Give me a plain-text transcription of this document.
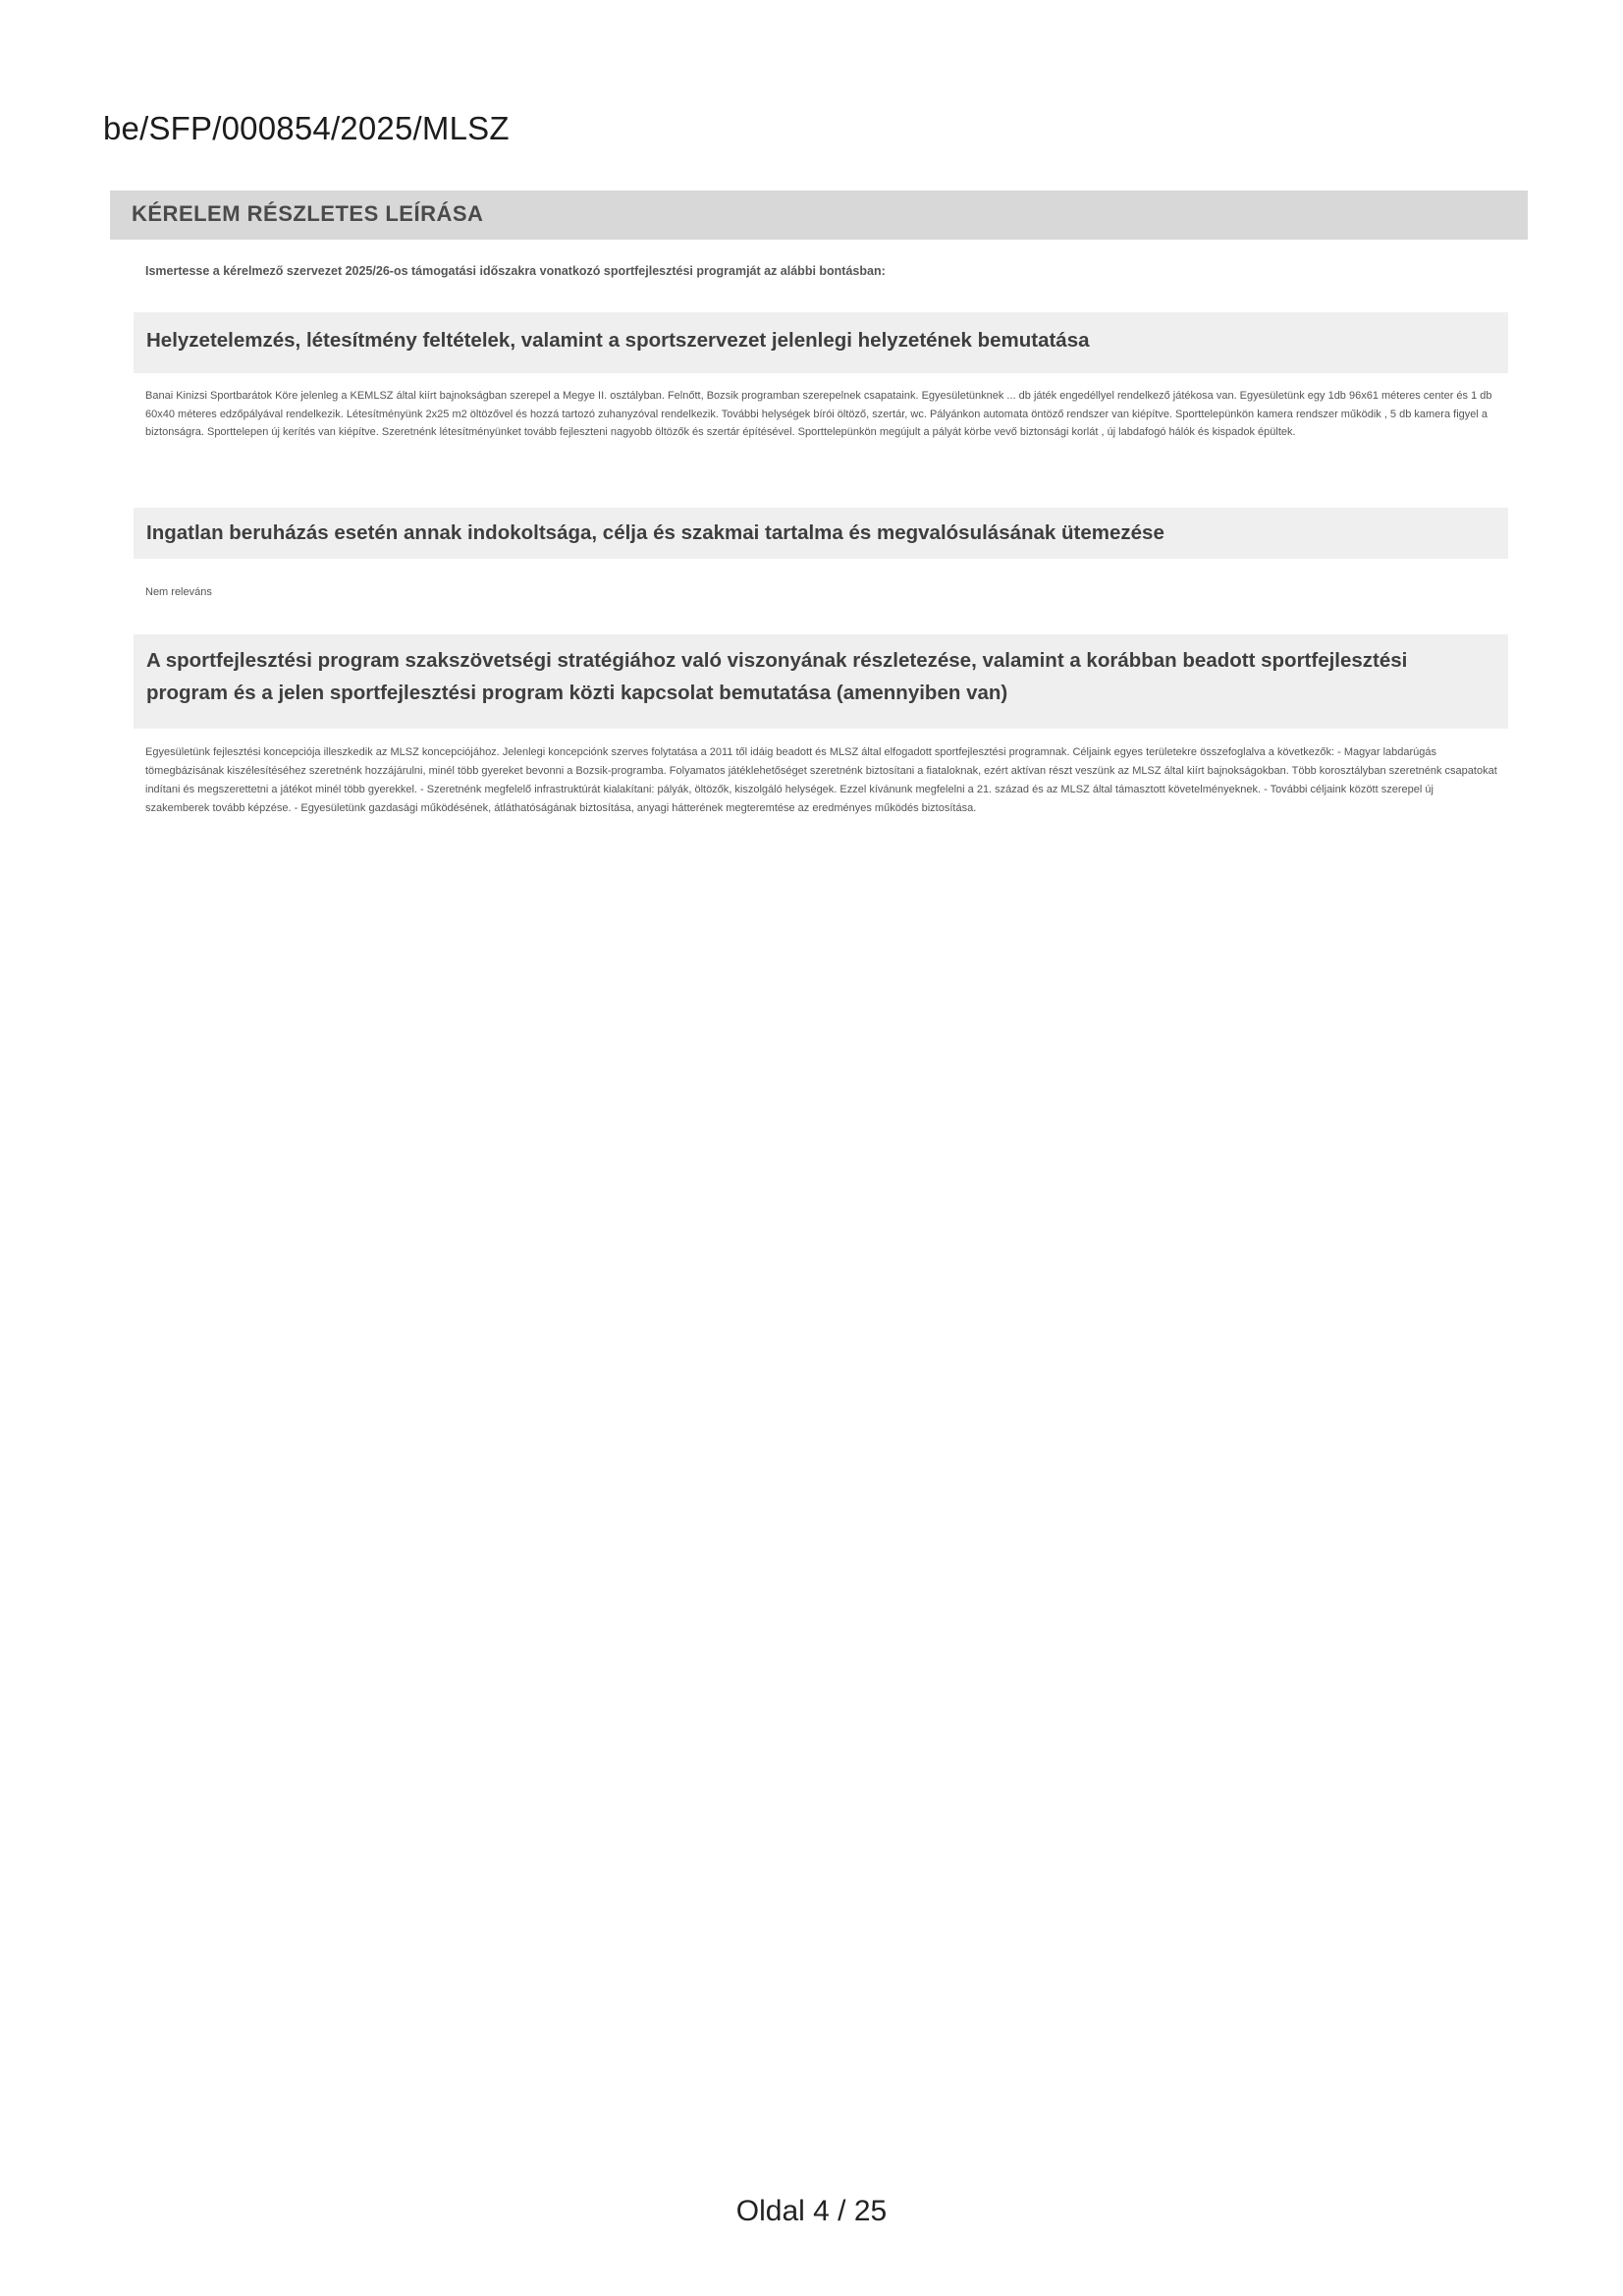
be/SFP/000854/2025/MLSZ
KÉRELEM RÉSZLETES LEÍRÁSA
Ismertesse a kérelmező szervezet 2025/26-os támogatási időszakra vonatkozó sportfejlesztési programját az alábbi bontásban:
Helyzetelemzés, létesítmény feltételek, valamint a sportszervezet jelenlegi helyzetének bemutatása
Banai Kinizsi Sportbarátok Köre jelenleg a KEMLSZ által kiírt bajnokságban szerepel a Megye II. osztályban. Felnőtt, Bozsik programban szerepelnek csapataink. Egyesületünknek ... db játék engedéllyel rendelkező játékosa van. Egyesületünk egy 1db 96x61 méteres center és 1 db 60x40 méteres edzőpályával rendelkezik. Létesítményünk 2x25 m2 öltözővel és hozzá tartozó zuhanyzóval rendelkezik. További helységek bírói öltöző, szertár, wc. Pályánkon automata öntöző rendszer van kiépítve. Sporttelepünkön kamera rendszer működik , 5 db kamera figyel a biztonságra. Sporttelepen új kerítés van kiépítve. Szeretnénk létesítményünket tovább fejleszteni nagyobb öltözők és szertár építésével. Sporttelepünkön megújult a pályát körbe vevő biztonsági korlát , új labdafogó hálók és kispadok épültek.
Ingatlan beruházás esetén annak indokoltsága, célja és szakmai tartalma és megvalósulásának ütemezése
Nem releváns
A sportfejlesztési program szakszövetségi stratégiához való viszonyának részletezése, valamint a korábban beadott sportfejlesztési program és a jelen sportfejlesztési program közti kapcsolat bemutatása (amennyiben van)
Egyesületünk fejlesztési koncepciója illeszkedik az MLSZ koncepciójához. Jelenlegi koncepciónk szerves folytatása a 2011 től idáig beadott és MLSZ által elfogadott sportfejlesztési programnak. Céljaink egyes területekre összefoglalva a következők: - Magyar labdarúgás tömegbázisának kiszélesítéséhez szeretnénk hozzájárulni, minél több gyereket bevonni a Bozsik-programba. Folyamatos játéklehetőséget szeretnénk biztosítani a fiataloknak, ezért aktívan részt veszünk az MLSZ által kiírt bajnokságokban. Több korosztályban szeretnénk csapatokat indítani és megszerettetni a játékot minél több gyerekkel. - Szeretnénk megfelelő infrastruktúrát kialakítani: pályák, öltözők, kiszolgáló helységek. Ezzel kívánunk megfelelni a 21. század és az MLSZ által támasztott követelményeknek. - További céljaink között szerepel új szakemberek tovább képzése. - Egyesületünk gazdasági működésének, átláthatóságának biztosítása, anyagi hátterének megteremtése az eredményes működés biztosítása.
Oldal 4 / 25
